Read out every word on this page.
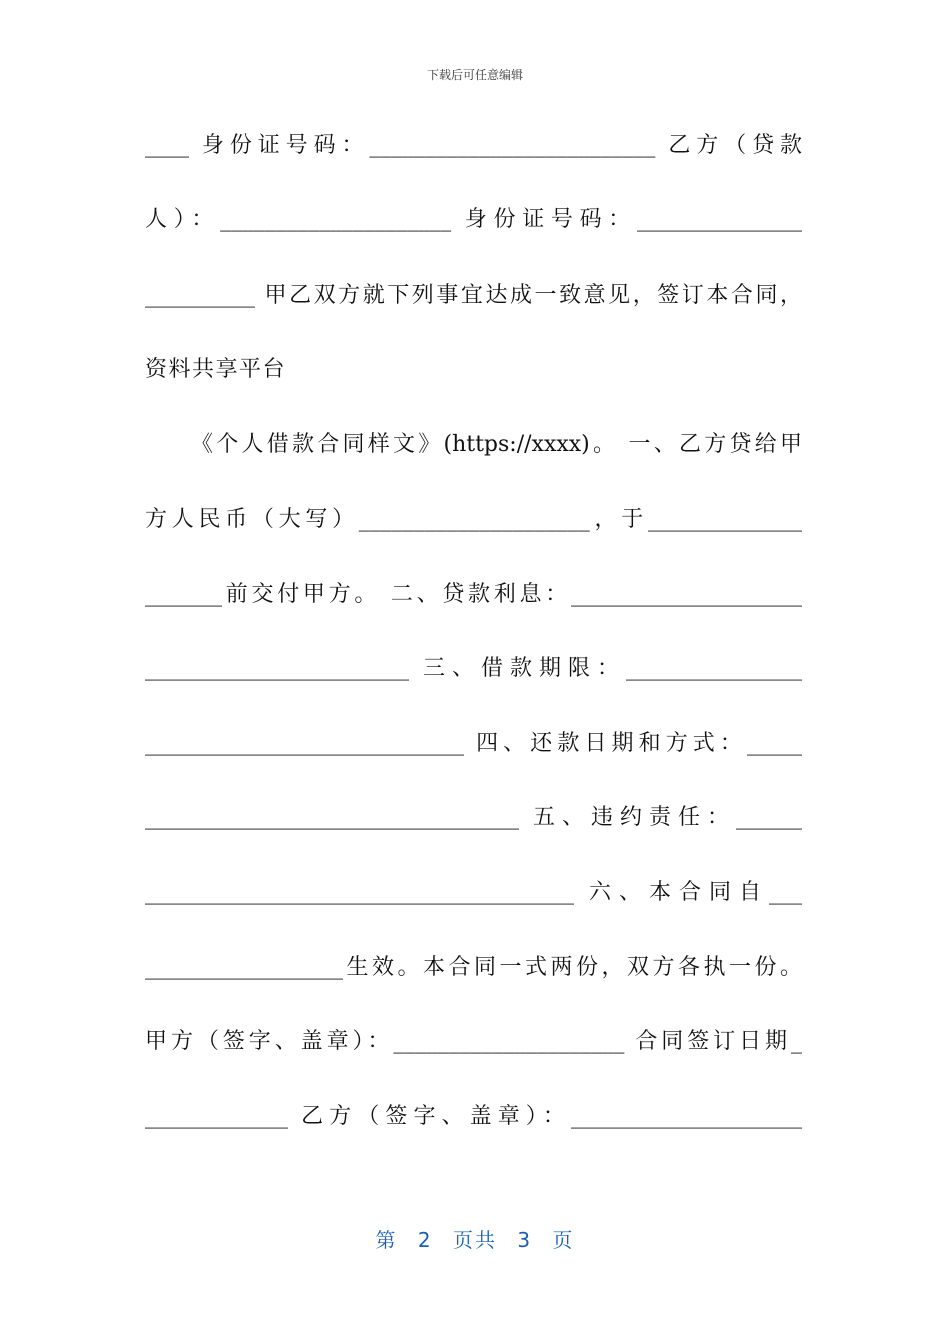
下载后可任意编辑
____ 身份证号码：__________________________ 乙方（贷款
人）：_____________________ 身份证号码：_______________
__________ 甲乙双方就下列事宜达成一致意见，签订本合同，
资料共享平台
《个人借款合同样文》(https://xxxx)。 一、乙方贷给甲
方人民币（大写）_____________________，于______________
_______前交付甲方。 二、贷款利息：_____________________
________________________ 三、借款期限：________________
_____________________________ 四、还款日期和方式：_____
__________________________________ 五、违约责任：______
_______________________________________ 六、本合同自___
__________________生效。本合同一式两份，双方各执一份。
甲方（签字、盖章）：_____________________ 合同签订日期_
_____________ 乙方（签字、盖章）：_____________________
第 2 页共 3 页
